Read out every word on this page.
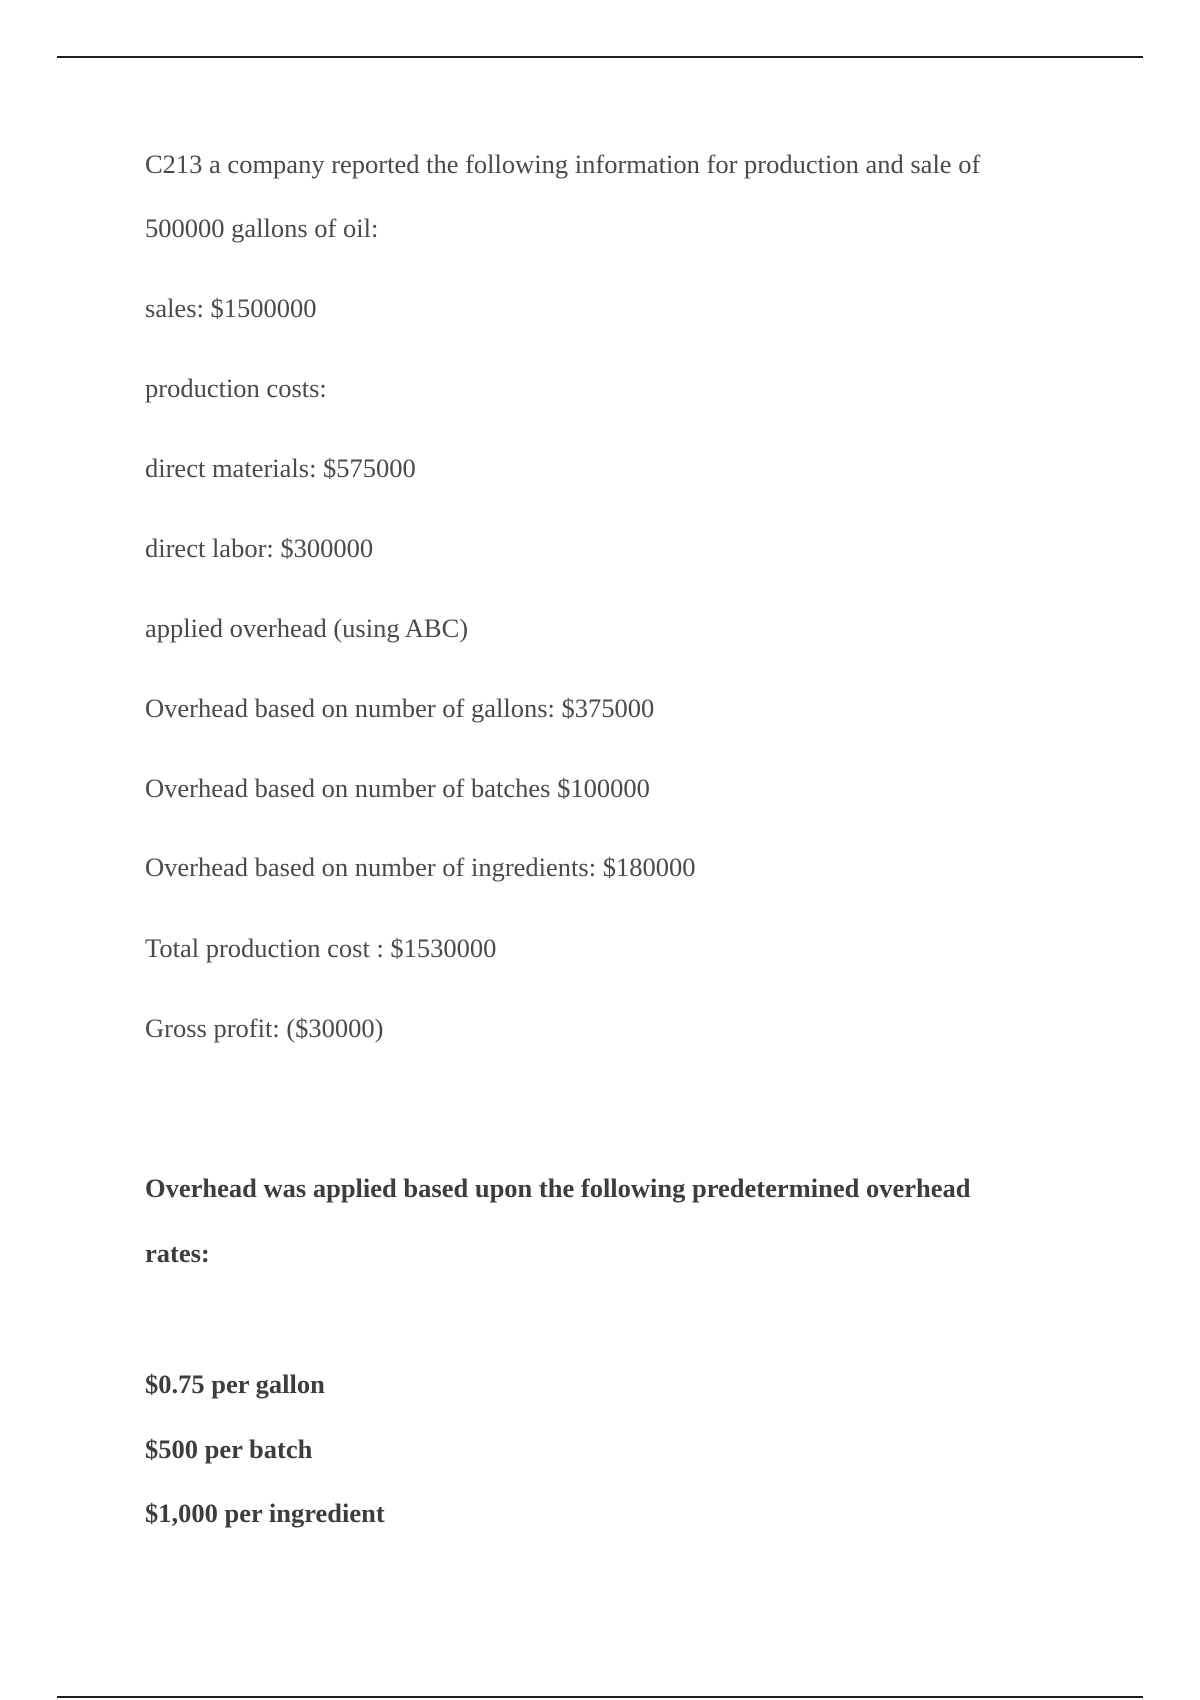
C213 a company reported the following information for production and sale of
500000 gallons of oil:
sales: $1500000
production costs:
direct materials: $575000
direct labor: $300000
applied overhead (using ABC)
Overhead based on number of gallons: $375000
Overhead based on number of batches $100000
Overhead based on number of ingredients: $180000
Total production cost : $1530000
Gross profit: ($30000)
Overhead was applied based upon the following predetermined overhead
rates:
$0.75 per gallon
$500 per batch
$1,000 per ingredient
